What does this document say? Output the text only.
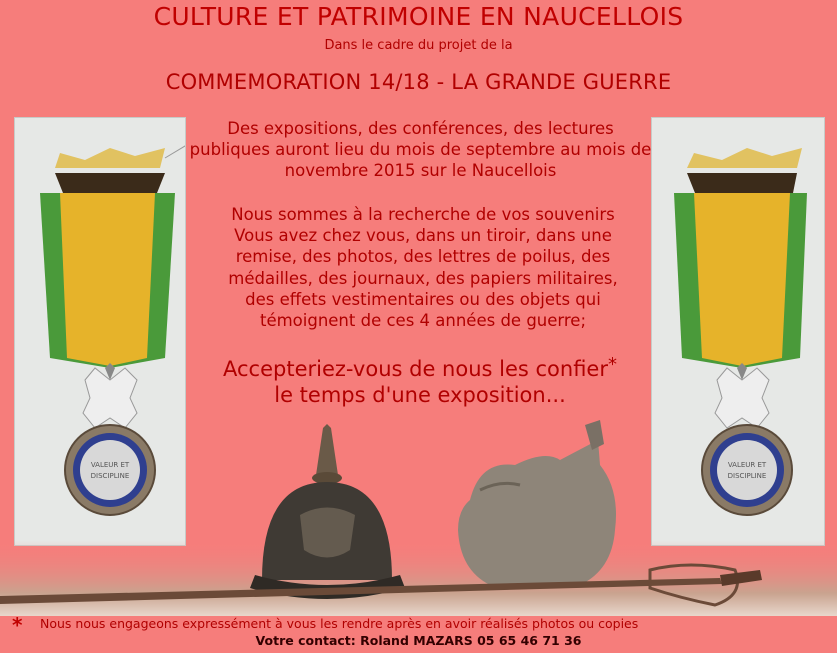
CULTURE ET PATRIMOINE EN NAUCELLOIS
Dans le cadre du projet de la
COMMEMORATION 14/18 - LA GRANDE GUERRE
VALEUR ET
DISCIPLINE
VALEUR ET
DISCIPLINE
Des expositions, des conférences, des lectures publiques auront lieu du mois de septembre au mois de novembre 2015 sur le Naucellois
Nous sommes à la recherche de vos souvenirs
Vous avez chez vous, dans un tiroir, dans une
remise, des photos, des lettres de poilus, des
médailles, des journaux, des papiers militaires,
des effets vestimentaires ou des objets qui
témoignent de ces 4 années de guerre;
Accepteriez-vous de nous les confier*
le temps d'une exposition...
* Nous nous engageons expressément à vous les rendre après en avoir réalisés photos ou copies
Votre contact: Roland MAZARS 05 65 46 71 36
